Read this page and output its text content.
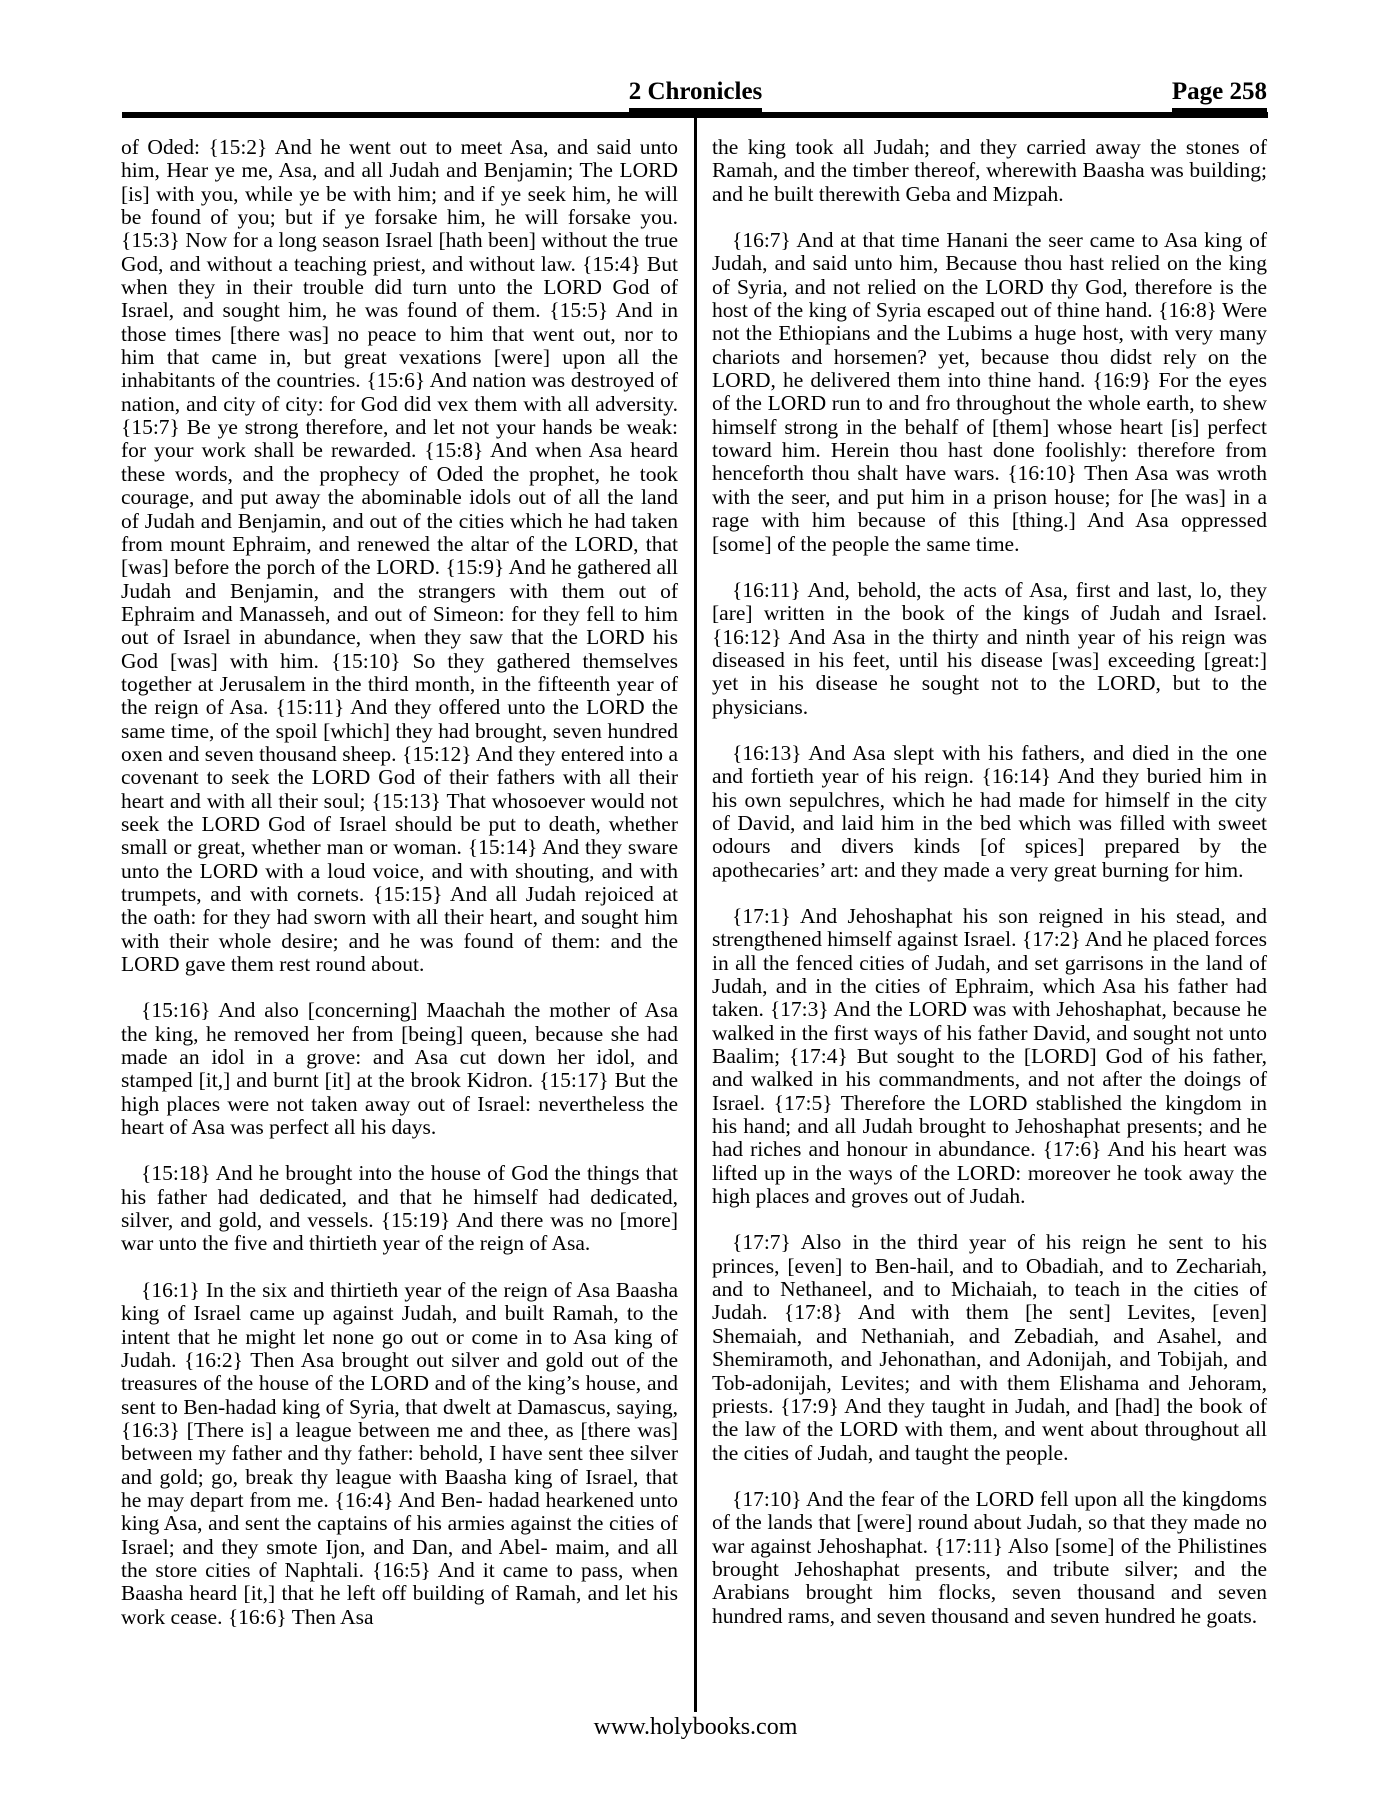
2 Chronicles	Page 258

of Oded: {15:2} And he went out to meet Asa, and said unto him, Hear ye me, Asa, and all Judah and Benjamin; The LORD [is] with you, while ye be with him; and if ye seek him, he will be found of you; but if ye forsake him, he will forsake you. {15:3} Now for a long season Israel [hath been] without the true God, and without a teaching priest, and without law. {15:4} But when they in their trouble did turn unto the LORD God of Israel, and sought him, he was found of them. {15:5} And in those times [there was] no peace to him that went out, nor to him that came in, but great vexations [were] upon all the inhabitants of the countries. {15:6} And nation was destroyed of nation, and city of city: for God did vex them with all adversity. {15:7} Be ye strong therefore, and let not your hands be weak: for your work shall be rewarded. {15:8} And when Asa heard these words, and the prophecy of Oded the prophet, he took courage, and put away the abominable idols out of all the land of Judah and Benjamin, and out of the cities which he had taken from mount Ephraim, and renewed the altar of the LORD, that [was] before the porch of the LORD. {15:9} And he gathered all Judah and Benjamin, and the strangers with them out of Ephraim and Manasseh, and out of Simeon: for they fell to him out of Israel in abundance, when they saw that the LORD his God [was] with him. {15:10} So they gathered themselves together at Jerusalem in the third month, in the fifteenth year of the reign of Asa. {15:11} And they offered unto the LORD the same time, of the spoil [which] they had brought, seven hundred oxen and seven thousand sheep. {15:12} And they entered into a covenant to seek the LORD God of their fathers with all their heart and with all their soul; {15:13} That whosoever would not seek the LORD God of Israel should be put to death, whether small or great, whether man or woman. {15:14} And they sware unto the LORD with a loud voice, and with shouting, and with trumpets, and with cornets. {15:15} And all Judah rejoiced at the oath: for they had sworn with all their heart, and sought him with their whole desire; and he was found of them: and the LORD gave them rest round about.

{15:16} And also [concerning] Maachah the mother of Asa the king, he removed her from [being] queen, because she had made an idol in a grove: and Asa cut down her idol, and stamped [it,] and burnt [it] at the brook Kidron. {15:17} But the high places were not taken away out of Israel: nevertheless the heart of Asa was perfect all his days.

{15:18} And he brought into the house of God the things that his father had dedicated, and that he himself had dedicated, silver, and gold, and vessels. {15:19} And there was no [more] war unto the five and thirtieth year of the reign of Asa.

{16:1} In the six and thirtieth year of the reign of Asa Baasha king of Israel came up against Judah, and built Ramah, to the intent that he might let none go out or come in to Asa king of Judah. {16:2} Then Asa brought out silver and gold out of the treasures of the house of the LORD and of the king’s house, and sent to Ben-hadad king of Syria, that dwelt at Damascus, saying, {16:3} [There is] a league between me and thee, as [there was] between my father and thy father: behold, I have sent thee silver and gold; go, break thy league with Baasha king of Israel, that he may depart from me. {16:4} And Ben- hadad hearkened unto king Asa, and sent the captains of his armies against the cities of Israel; and they smote Ijon, and Dan, and Abel- maim, and all the store cities of Naphtali. {16:5} And it came to pass, when Baasha heard [it,] that he left off building of Ramah, and let his work cease. {16:6} Then Asa

the king took all Judah; and they carried away the stones of Ramah, and the timber thereof, wherewith Baasha was building; and he built therewith Geba and Mizpah.

{16:7} And at that time Hanani the seer came to Asa king of Judah, and said unto him, Because thou hast relied on the king of Syria, and not relied on the LORD thy God, therefore is the host of the king of Syria escaped out of thine hand. {16:8} Were not the Ethiopians and the Lubims a huge host, with very many chariots and horsemen? yet, because thou didst rely on the LORD, he delivered them into thine hand. {16:9} For the eyes of the LORD run to and fro throughout the whole earth, to shew himself strong in the behalf of [them] whose heart [is] perfect toward him. Herein thou hast done foolishly: therefore from henceforth thou shalt have wars. {16:10} Then Asa was wroth with the seer, and put him in a prison house; for [he was] in a rage with him because of this [thing.] And Asa oppressed [some] of the people the same time.

{16:11} And, behold, the acts of Asa, first and last, lo, they [are] written in the book of the kings of Judah and Israel. {16:12} And Asa in the thirty and ninth year of his reign was diseased in his feet, until his disease [was] exceeding [great:] yet in his disease he sought not to the LORD, but to the physicians.

{16:13} And Asa slept with his fathers, and died in the one and fortieth year of his reign. {16:14} And they buried him in his own sepulchres, which he had made for himself in the city of David, and laid him in the bed which was filled with sweet odours and divers kinds [of spices] prepared by the apothecaries’ art: and they made a very great burning for him.

{17:1} And Jehoshaphat his son reigned in his stead, and strengthened himself against Israel. {17:2} And he placed forces in all the fenced cities of Judah, and set garrisons in the land of Judah, and in the cities of Ephraim, which Asa his father had taken. {17:3} And the LORD was with Jehoshaphat, because he walked in the first ways of his father David, and sought not unto Baalim; {17:4} But sought to the [LORD] God of his father, and walked in his commandments, and not after the doings of Israel. {17:5} Therefore the LORD stablished the kingdom in his hand; and all Judah brought to Jehoshaphat presents; and he had riches and honour in abundance. {17:6} And his heart was lifted up in the ways of the LORD: moreover he took away the high places and groves out of Judah.

{17:7} Also in the third year of his reign he sent to his princes, [even] to Ben-hail, and to Obadiah, and to Zechariah, and to Nethaneel, and to Michaiah, to teach in the cities of Judah. {17:8} And with them [he sent] Levites, [even] Shemaiah, and Nethaniah, and Zebadiah, and Asahel, and Shemiramoth, and Jehonathan, and Adonijah, and Tobijah, and Tob-adonijah, Levites; and with them Elishama and Jehoram, priests. {17:9} And they taught in Judah, and [had] the book of the law of the LORD with them, and went about throughout all the cities of Judah, and taught the people.

{17:10} And the fear of the LORD fell upon all the kingdoms of the lands that [were] round about Judah, so that they made no war against Jehoshaphat. {17:11} Also [some] of the Philistines brought Jehoshaphat presents, and tribute silver; and the Arabians brought him flocks, seven thousand and seven hundred rams, and seven thousand and seven hundred he goats.

www.holybooks.com
